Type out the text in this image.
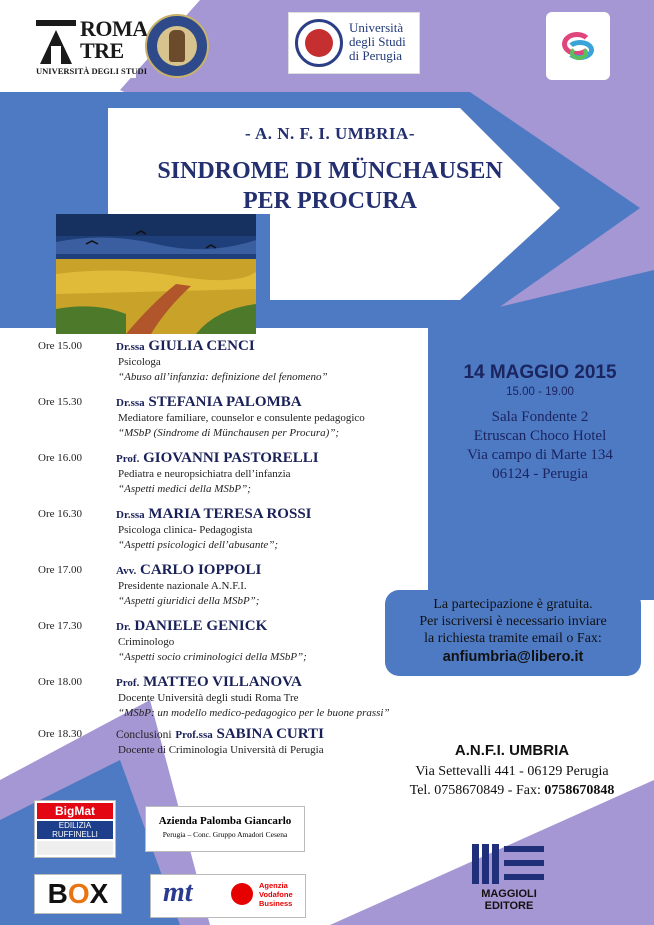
ROMA
TRE
UNIVERSITÀ DEGLI STUDI
Università
degli Studi
di Perugia
- A. N. F. I. UMBRIA-
SINDROME DI MÜNCHAUSEN
PER PROCURA
Ore 15.00	Dr.ssa GIULIA CENCI
Psicologa
“Abuso all’infanzia: definizione del fenomeno”
Ore 15.30	Dr.ssa STEFANIA PALOMBA
Mediatore familiare, counselor e consulente pedagogico
“MSbP (Sindrome di Münchausen per Procura)”;
Ore 16.00	Prof. GIOVANNI PASTORELLI
Pediatra e neuropsichiatra dell’infanzia
“Aspetti medici della MSbP”;
Ore 16.30	Dr.ssa MARIA TERESA ROSSI
Psicologa clinica- Pedagogista
“Aspetti psicologici dell’abusante”;
Ore 17.00	Avv. CARLO IOPPOLI
Presidente nazionale A.N.F.I.
“Aspetti giuridici della MSbP”;
Ore 17.30	Dr. DANIELE GENICK
Criminologo
“Aspetti socio criminologici della MSbP”;
Ore 18.00	Prof. MATTEO VILLANOVA
Docente Università degli studi Roma Tre
“MSbP: un modello medico-pedagogico per le buone prassi”
Ore 18.30	Conclusioni Prof.ssa SABINA CURTI
Docente di Criminologia Università di Perugia
14 MAGGIO 2015
15.00 - 19.00
Sala Fondente 2
Etruscan Choco Hotel
Via campo di Marte 134
06124 - Perugia
La partecipazione è gratuita.
Per iscriversi è necessario inviare
la richiesta tramite email o Fax:
anfiumbria@libero.it
A.N.F.I. UMBRIA
Via Settevalli 441 - 06129 Perugia
Tel. 0758670849 - Fax: 0758670848
BigMat
EDILIZIA RUFFINELLI
Azienda Palomba Giancarlo
Perugia – Conc. Gruppo Amadori Cesena
BOX	mt	Agenzia
Vodafone
Business
MAGGIOLI
EDITORE
